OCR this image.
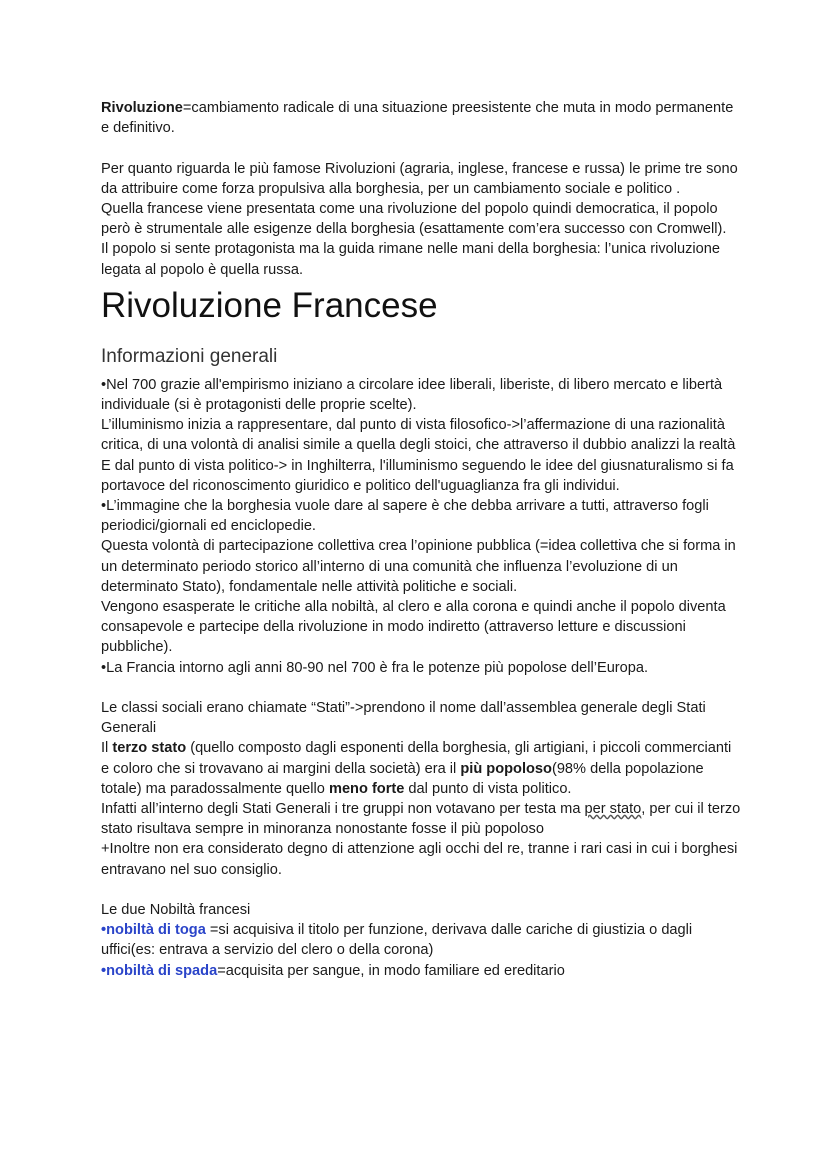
Rivoluzione=cambiamento radicale di una situazione preesistente che muta in modo permanente e definitivo.

Per quanto riguarda le più famose Rivoluzioni (agraria, inglese, francese e russa) le prime tre sono da attribuire come forza propulsiva alla borghesia, per un cambiamento sociale e politico .

Quella francese viene presentata come una rivoluzione del popolo quindi democratica, il popolo però è strumentale alle esigenze della borghesia (esattamente com’era successo con Cromwell).

Il popolo si sente protagonista ma la guida rimane nelle mani della borghesia: l’unica rivoluzione legata al popolo è quella russa.

Rivoluzione Francese
Informazioni generali

•Nel 700 grazie all'empirismo iniziano a circolare idee liberali, liberiste, di libero mercato e libertà individuale (si è protagonisti delle proprie scelte).

L’illuminismo inizia a rappresentare, dal punto di vista filosofico->l’affermazione di una razionalità critica, di una volontà di analisi simile a quella degli stoici, che attraverso il dubbio analizzi la realtà

E dal punto di vista politico-> in Inghilterra, l'illuminismo seguendo le idee del giusnaturalismo si fa portavoce del riconoscimento giuridico e politico dell'uguaglianza fra gli individui.

•L’immagine che la borghesia vuole dare al sapere è che debba arrivare a tutti, attraverso fogli periodici/giornali ed enciclopedie.

Questa volontà di partecipazione collettiva crea l’opinione pubblica (=idea collettiva che si forma in un determinato periodo storico all’interno di una comunità che influenza l’evoluzione di un determinato Stato), fondamentale nelle attività politiche e sociali.

Vengono esasperate le critiche alla nobiltà, al clero e alla corona e quindi anche il popolo diventa consapevole e partecipe della rivoluzione in modo indiretto (attraverso letture e discussioni pubbliche).

•La Francia intorno agli anni 80-90 nel 700 è fra le potenze più popolose dell’Europa.

Le classi sociali erano chiamate “Stati”->prendono il nome dall’assemblea generale degli Stati Generali

Il terzo stato (quello composto dagli esponenti della borghesia, gli artigiani, i piccoli commercianti e coloro che si trovavano ai margini della società) era il più popoloso(98% della popolazione totale) ma paradossalmente quello meno forte dal punto di vista politico.

Infatti all’interno degli Stati Generali i tre gruppi non votavano per testa ma per stato, per cui il terzo stato risultava sempre in minoranza nonostante fosse il più popoloso

+Inoltre non era considerato degno di attenzione agli occhi del re, tranne i rari casi in cui i borghesi entravano nel suo consiglio.

Le due Nobiltà francesi

•nobiltà di toga =si acquisiva il titolo per funzione, derivava dalle cariche di giustizia o dagli uffici(es: entrava a servizio del clero o della corona)

•nobiltà di spada=acquisita per sangue, in modo familiare ed ereditario
